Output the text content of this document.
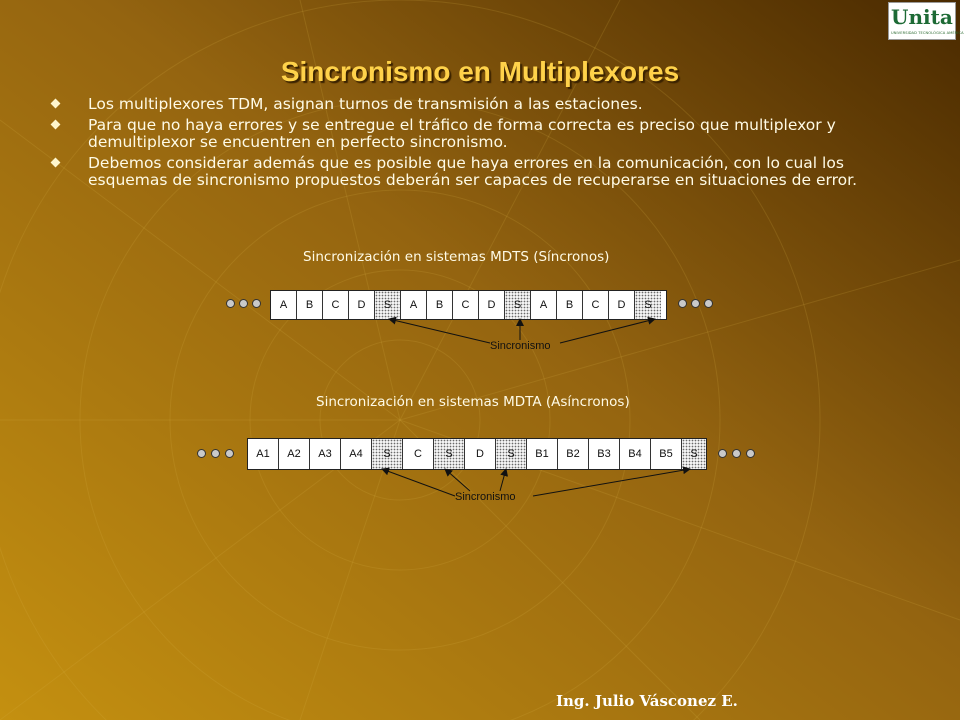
Unita
UNIVERSIDAD TECNOLÓGICA AMÉRICA
Sincronismo en Multiplexores
Los multiplexores TDM, asignan turnos de transmisión a las estaciones.
Para que no haya errores y se entregue el tráfico de forma correcta es preciso que multiplexor y demultiplexor se encuentren en perfecto sincronismo.
Debemos considerar además que es posible que haya errores en la comunicación, con lo cual los esquemas de sincronismo propuestos deberán ser capaces de recuperarse en situaciones de error.
Sincronización en sistemas MDTS (Síncronos)
A	B	C	D	S	A	B	C	D	S	A	B	C	D	S
Sincronismo
Sincronización en sistemas MDTA (Asíncronos)
A1	A2	A3	A4	S	C	S	D	S	B1	B2	B3	B4	B5	S
Sincronismo
Ing. Julio Vásconez E.
